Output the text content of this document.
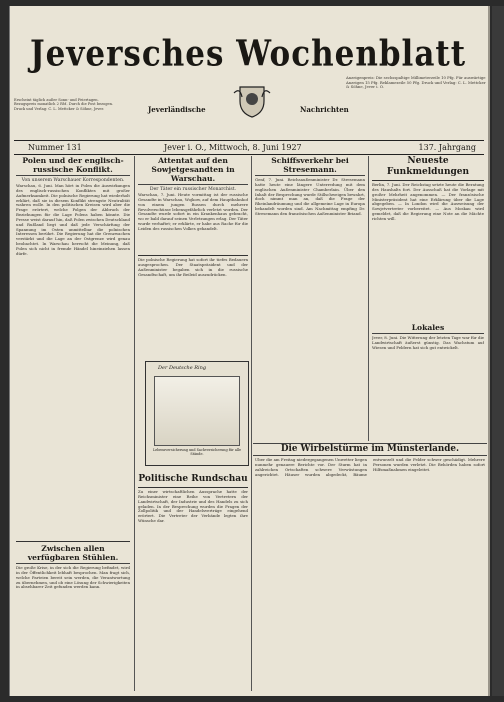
Erscheint täglich außer Sonn- und Feiertagen. Bezugspreis monatlich 2 RM. Durch die Post bezogen. Druck und Verlag: C. L. Mettcker & Söhne, Jever.
Jeversches Wochenblatt
Anzeigenpreis: Die sechsspaltige Millimeterzeile 10 Pfg. Für auswärtige Anzeigen 15 Pfg. Reklamezeile 50 Pfg. Druck und Verlag: C. L. Mettcker & Söhne, Jever i. O.
Jeverländische	Nachrichten
Nummer 131	Jever i. O., Mittwoch, 8. Juni 1927	137. Jahrgang
Polen und der englisch-russische Konflikt.
Von unserem Warschauer Korrespondenten.
Warschau, 6. Juni. Man hört in Polen die Auswirkungen des englisch-russischen Konfliktes mit großer Aufmerksamkeit. Die polnische Regierung hat wiederholt erklärt, daß sie in diesem Konflikt strengste Neutralität wahren wolle. In den politischen Kreisen wird aber die Frage erörtert, welche Folgen der Abbruch der Beziehungen für die Lage Polens haben könnte. Die Presse weist darauf hin, daß Polen zwischen Deutschland und Rußland liegt und daß jede Verschärfung der Spannung im Osten unmittelbar die polnischen Interessen berührt. Die Regierung hat die Grenzwachen verstärkt und die Lage an der Ostgrenze wird genau beobachtet. In Warschau herrscht die Meinung, daß Polen sich nicht in fremde Händel hineinziehen lassen dürfe.
Zwischen allen verfügbaren Stühlen.
Die große Krise, in der sich die Regierung befindet, wird in der Öffentlichkeit lebhaft besprochen. Man fragt sich, welche Parteien bereit sein werden, die Verantwortung zu übernehmen, und ob eine Lösung der Schwierigkeiten in absehbarer Zeit gefunden werden kann.
Attentat auf den Sowjetgesandten in Warschau.
Der Täter ein russischer Monarchist.
Warschau, 7. Juni. Heute vormittag ist der russische Gesandte in Warschau, Wojkow, auf dem Hauptbahnhof von einem jungen Russen durch mehrere Revolverschüsse lebensgefährlich verletzt worden. Der Gesandte wurde sofort in ein Krankenhaus gebracht, wo er bald darauf seinen Verletzungen erlag. Der Täter wurde verhaftet; er erklärte, er habe aus Rache für die Leiden des russischen Volkes gehandelt.
Die polnische Regierung hat sofort ihr tiefes Bedauern ausgesprochen. Der Staatspräsident und der Außenminister begaben sich in die russische Gesandtschaft, um ihr Beileid auszudrücken.
Der Deutsche Ring
Lebensversicherung und Sachversicherung für alle Stände.
Politische Rundschau
Zu einer wirtschaftlichen Aussprache hatte der Reichsminister eine Reihe von Vertretern der Landwirtschaft, der Industrie und des Handels zu sich geladen. In der Besprechung wurden die Fragen der Zollpolitik und der Handelsverträge eingehend erörtert. Die Vertreter der Verbände legten ihre Wünsche dar.
Schiffsverkehr bei Stresemann.
Genf, 7. Juni. Reichsaußenminister Dr. Stresemann hatte heute eine längere Unterredung mit dem englischen Außenminister Chamberlain. Über den Inhalt der Besprechung wurde Stillschweigen bewahrt, doch nimmt man an, daß die Frage der Rheinlandräumung und die allgemeine Lage in Europa behandelt worden sind. Am Nachmittag empfing Dr. Stresemann den französischen Außenminister Briand.
Die Wirbelstürme im Münsterlande.
Über die am Freitag niedergegangenen Unwetter liegen nunmehr genauere Berichte vor. Der Sturm hat in zahlreichen Ortschaften schwere Verwüstungen angerichtet. Häuser wurden abgedeckt, Bäume entwurzelt und die Felder schwer geschädigt. Mehrere Personen wurden verletzt. Die Behörden haben sofort Hilfsmaßnahmen eingeleitet.
Neueste Funkmeldungen
Berlin, 7. Juni. Der Reichstag setzte heute die Beratung des Haushalts fort. Der Ausschuß hat die Vorlage mit großer Mehrheit angenommen. — Der französische Ministerpräsident hat eine Erklärung über die Lage abgegeben. — In London wird die Ausweisung der Sowjetvertreter vorbereitet. — Aus Moskau wird gemeldet, daß die Regierung eine Note an die Mächte richten will.
Lokales
Jever, 8. Juni. Die Witterung der letzten Tage war für die Landwirtschaft äußerst günstig. Das Wachstum auf Wiesen und Feldern hat sich gut entwickelt.
